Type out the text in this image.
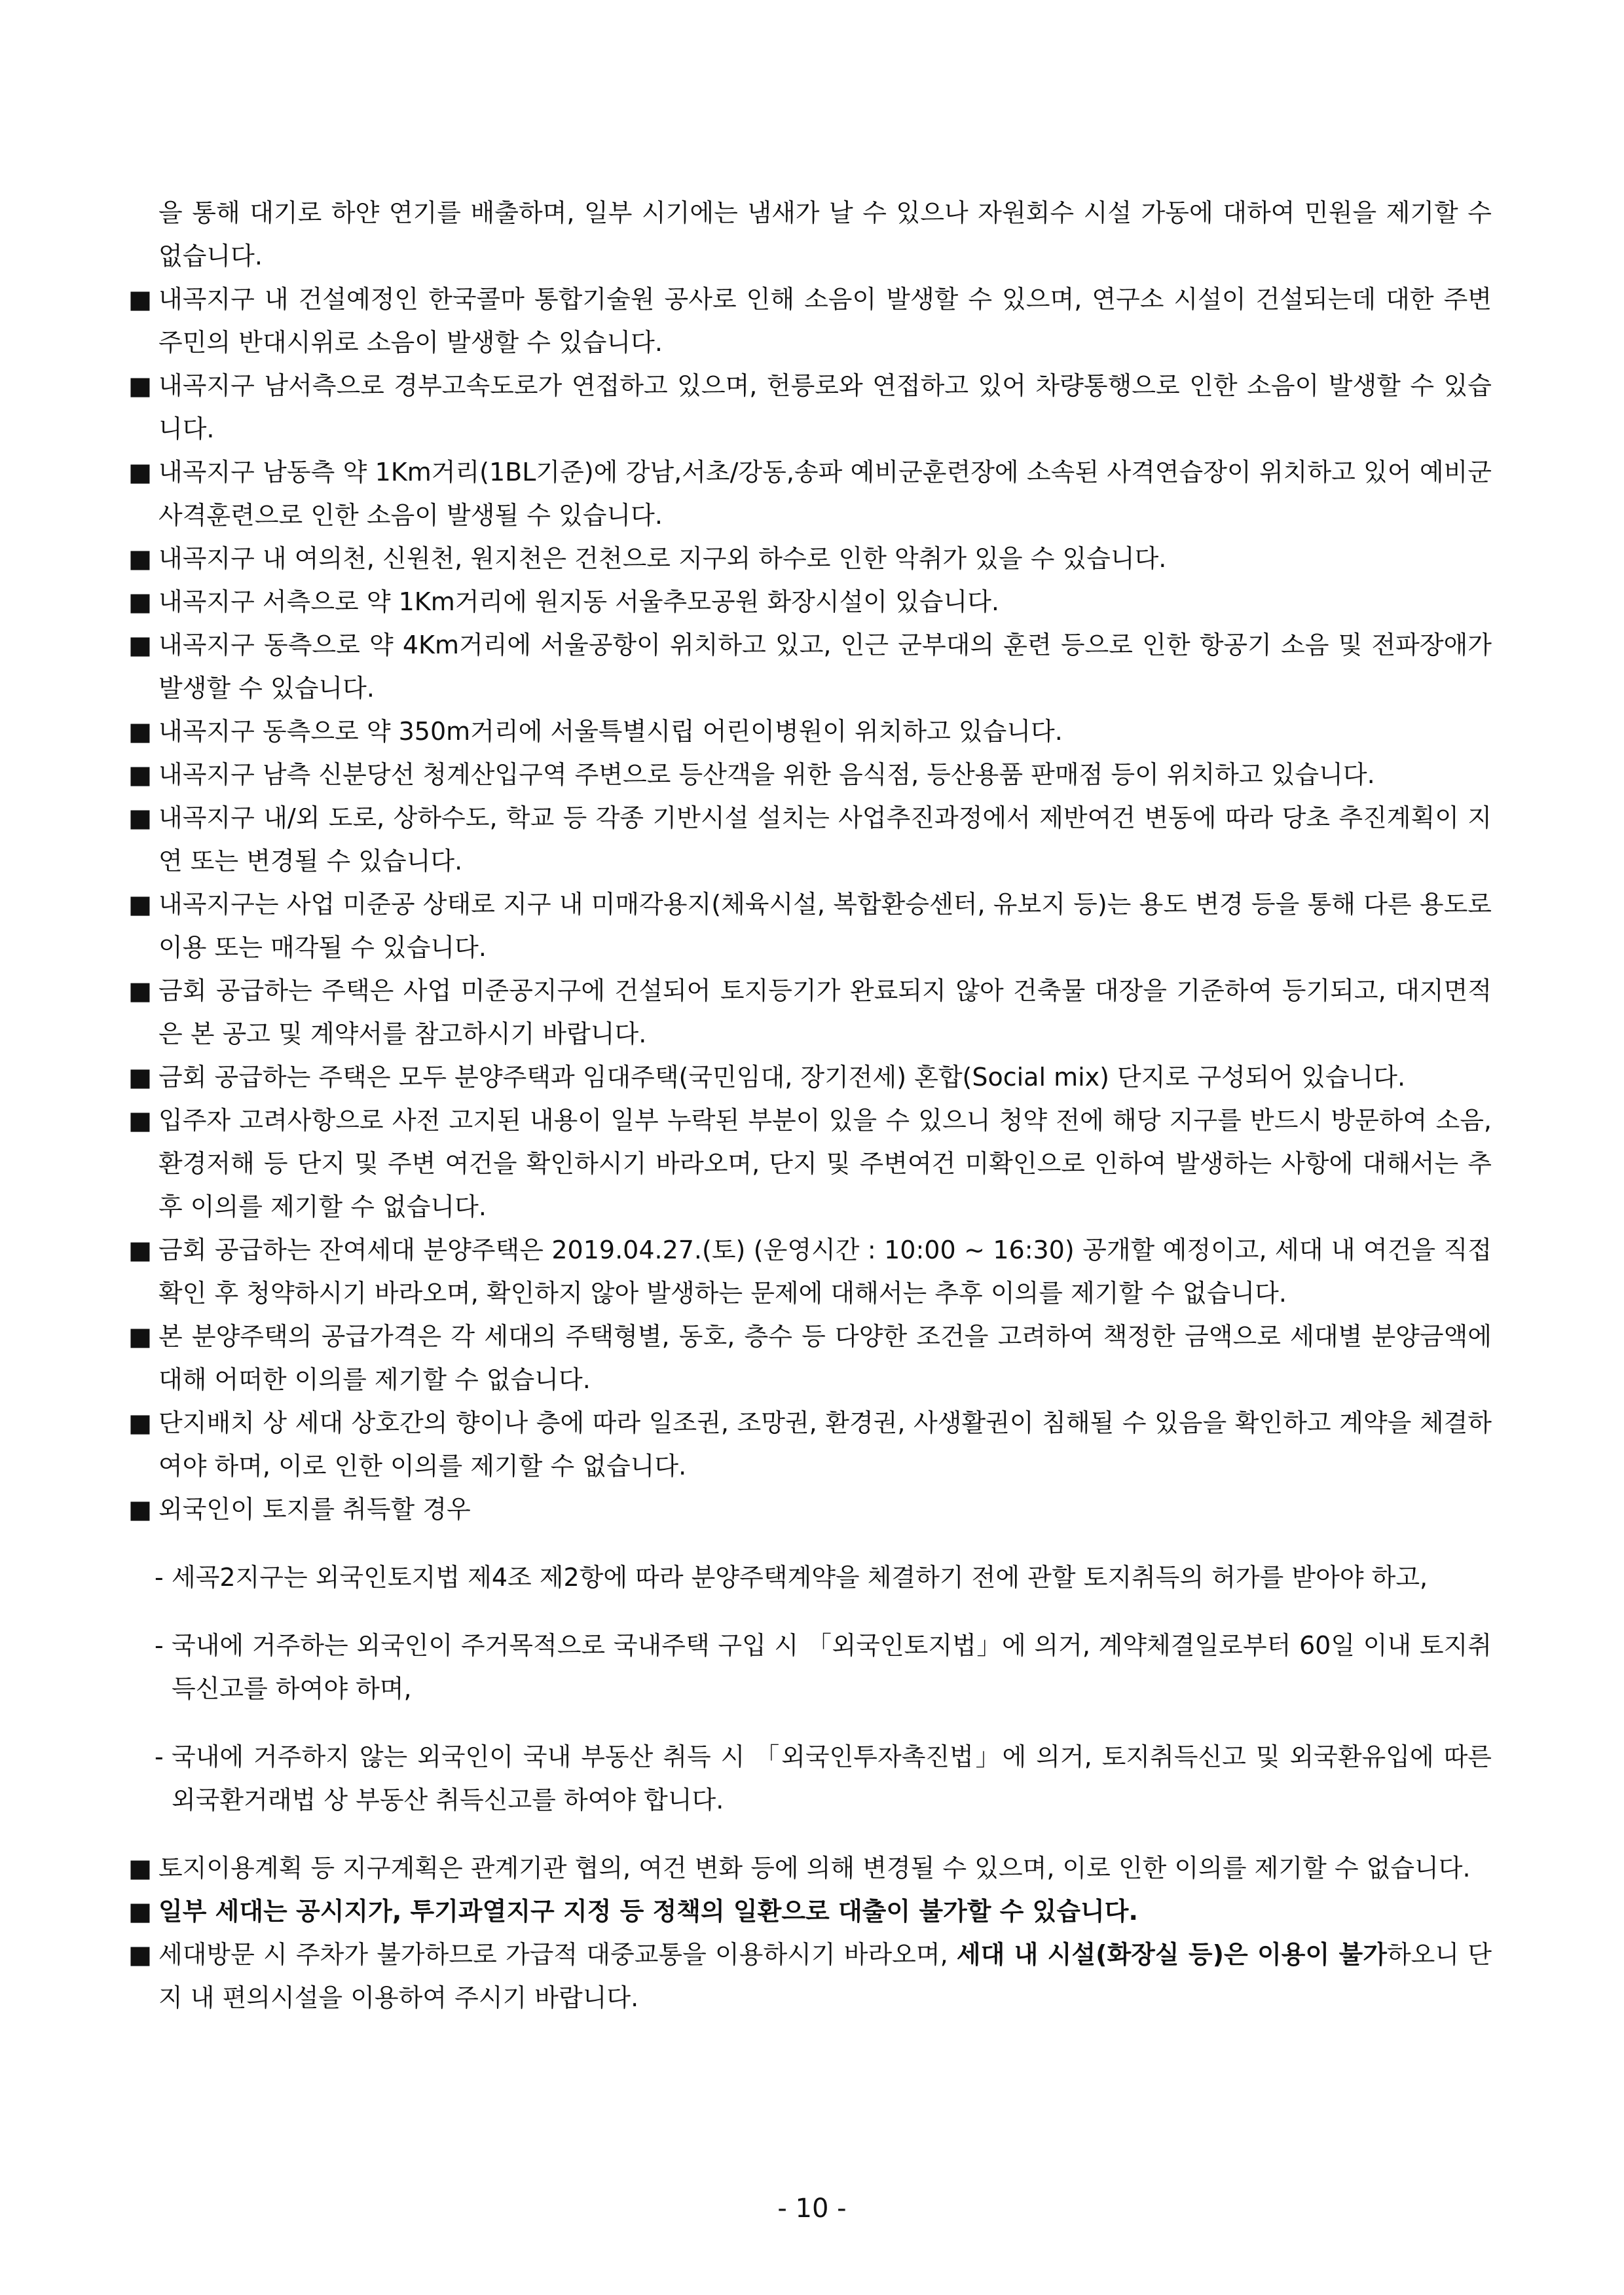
을 통해 대기로 하얀 연기를 배출하며, 일부 시기에는 냄새가 날 수 있으나 자원회수 시설 가동에 대하여 민원을 제기할 수 없습니다.

■ 내곡지구 내 건설예정인 한국콜마 통합기술원 공사로 인해 소음이 발생할 수 있으며, 연구소 시설이 건설되는데 대한 주변 주민의 반대시위로 소음이 발생할 수 있습니다.

■ 내곡지구 남서측으로 경부고속도로가 연접하고 있으며, 헌릉로와 연접하고 있어 차량통행으로 인한 소음이 발생할 수 있습니다.

■ 내곡지구 남동측 약 1Km거리(1BL기준)에 강남,서초/강동,송파 예비군훈련장에 소속된 사격연습장이 위치하고 있어 예비군 사격훈련으로 인한 소음이 발생될 수 있습니다.

■ 내곡지구 내 여의천, 신원천, 원지천은 건천으로 지구외 하수로 인한 악취가 있을 수 있습니다.

■ 내곡지구 서측으로 약 1Km거리에 원지동 서울추모공원 화장시설이 있습니다.

■ 내곡지구 동측으로 약 4Km거리에 서울공항이 위치하고 있고, 인근 군부대의 훈련 등으로 인한 항공기 소음 및 전파장애가 발생할 수 있습니다.

■ 내곡지구 동측으로 약 350m거리에 서울특별시립 어린이병원이 위치하고 있습니다.

■ 내곡지구 남측 신분당선 청계산입구역 주변으로 등산객을 위한 음식점, 등산용품 판매점 등이 위치하고 있습니다.

■ 내곡지구 내/외 도로, 상하수도, 학교 등 각종 기반시설 설치는 사업추진과정에서 제반여건 변동에 따라 당초 추진계획이 지연 또는 변경될 수 있습니다.

■ 내곡지구는 사업 미준공 상태로 지구 내 미매각용지(체육시설, 복합환승센터, 유보지 등)는 용도 변경 등을 통해 다른 용도로 이용 또는 매각될 수 있습니다.

■ 금회 공급하는 주택은 사업 미준공지구에 건설되어 토지등기가 완료되지 않아 건축물 대장을 기준하여 등기되고, 대지면적은 본 공고 및 계약서를 참고하시기 바랍니다.

■ 금회 공급하는 주택은 모두 분양주택과 임대주택(국민임대, 장기전세) 혼합(Social mix) 단지로 구성되어 있습니다.

■ 입주자 고려사항으로 사전 고지된 내용이 일부 누락된 부분이 있을 수 있으니 청약 전에 해당 지구를 반드시 방문하여 소음, 환경저해 등 단지 및 주변 여건을 확인하시기 바라오며, 단지 및 주변여건 미확인으로 인하여 발생하는 사항에 대해서는 추후 이의를 제기할 수 없습니다.

■ 금회 공급하는 잔여세대 분양주택은 2019.04.27.(토) (운영시간 : 10:00 ~ 16:30) 공개할 예정이고, 세대 내 여건을 직접 확인 후 청약하시기 바라오며, 확인하지 않아 발생하는 문제에 대해서는 추후 이의를 제기할 수 없습니다.

■ 본 분양주택의 공급가격은 각 세대의 주택형별, 동호, 층수 등 다양한 조건을 고려하여 책정한 금액으로 세대별 분양금액에 대해 어떠한 이의를 제기할 수 없습니다.

■ 단지배치 상 세대 상호간의 향이나 층에 따라 일조권, 조망권, 환경권, 사생활권이 침해될 수 있음을 확인하고 계약을 체결하여야 하며, 이로 인한 이의를 제기할 수 없습니다.

■ 외국인이 토지를 취득할 경우

- 세곡2지구는 외국인토지법 제4조 제2항에 따라 분양주택계약을 체결하기 전에 관할 토지취득의 허가를 받아야 하고,

- 국내에 거주하는 외국인이 주거목적으로 국내주택 구입 시 「외국인토지법」에 의거, 계약체결일로부터 60일 이내 토지취득신고를 하여야 하며,

- 국내에 거주하지 않는 외국인이 국내 부동산 취득 시 「외국인투자촉진법」에 의거, 토지취득신고 및 외국환유입에 따른 외국환거래법 상 부동산 취득신고를 하여야 합니다.

■ 토지이용계획 등 지구계획은 관계기관 협의, 여건 변화 등에 의해 변경될 수 있으며, 이로 인한 이의를 제기할 수 없습니다.

■ 일부 세대는 공시지가, 투기과열지구 지정 등 정책의 일환으로 대출이 불가할 수 있습니다.

■ 세대방문 시 주차가 불가하므로 가급적 대중교통을 이용하시기 바라오며, 세대 내 시설(화장실 등)은 이용이 불가하오니 단지 내 편의시설을 이용하여 주시기 바랍니다.

- 10 -
